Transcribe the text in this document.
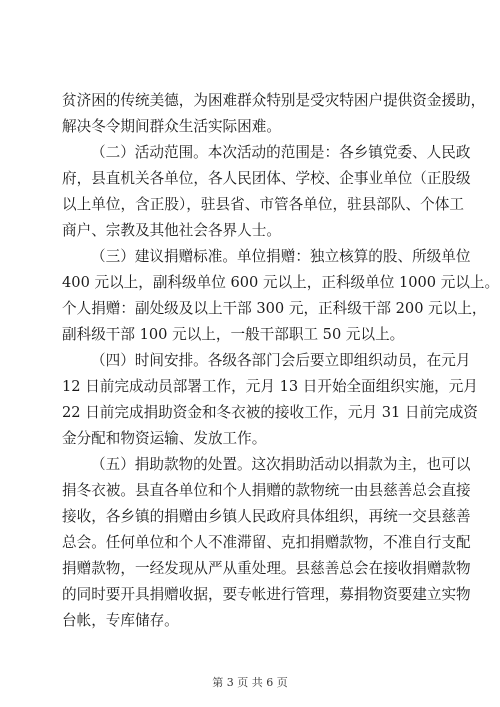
贫济困的传统美德，为困难群众特别是受灾特困户提供资金援助，
解决冬令期间群众生活实际困难。
（二）活动范围。本次活动的范围是：各乡镇党委、人民政
府，县直机关各单位，各人民团体、学校、企事业单位（正股级
以上单位，含正股），驻县省、市管各单位，驻县部队、个体工
商户、宗教及其他社会各界人士。
（三）建议捐赠标准。单位捐赠：独立核算的股、所级单位
400 元以上，副科级单位 600 元以上，正科级单位 1000 元以上。
个人捐赠：副处级及以上干部 300 元，正科级干部 200 元以上，
副科级干部 100 元以上，一般干部职工 50 元以上。
（四）时间安排。各级各部门会后要立即组织动员，在元月
12 日前完成动员部署工作，元月 13 日开始全面组织实施，元月
22 日前完成捐助资金和冬衣被的接收工作，元月 31 日前完成资
金分配和物资运输、发放工作。
（五）捐助款物的处置。这次捐助活动以捐款为主，也可以
捐冬衣被。县直各单位和个人捐赠的款物统一由县慈善总会直接
接收，各乡镇的捐赠由乡镇人民政府具体组织，再统一交县慈善
总会。任何单位和个人不准滞留、克扣捐赠款物，不准自行支配
捐赠款物，一经发现从严从重处理。县慈善总会在接收捐赠款物
的同时要开具捐赠收据，要专帐进行管理，募捐物资要建立实物
台帐，专库储存。
第 3 页 共 6 页
